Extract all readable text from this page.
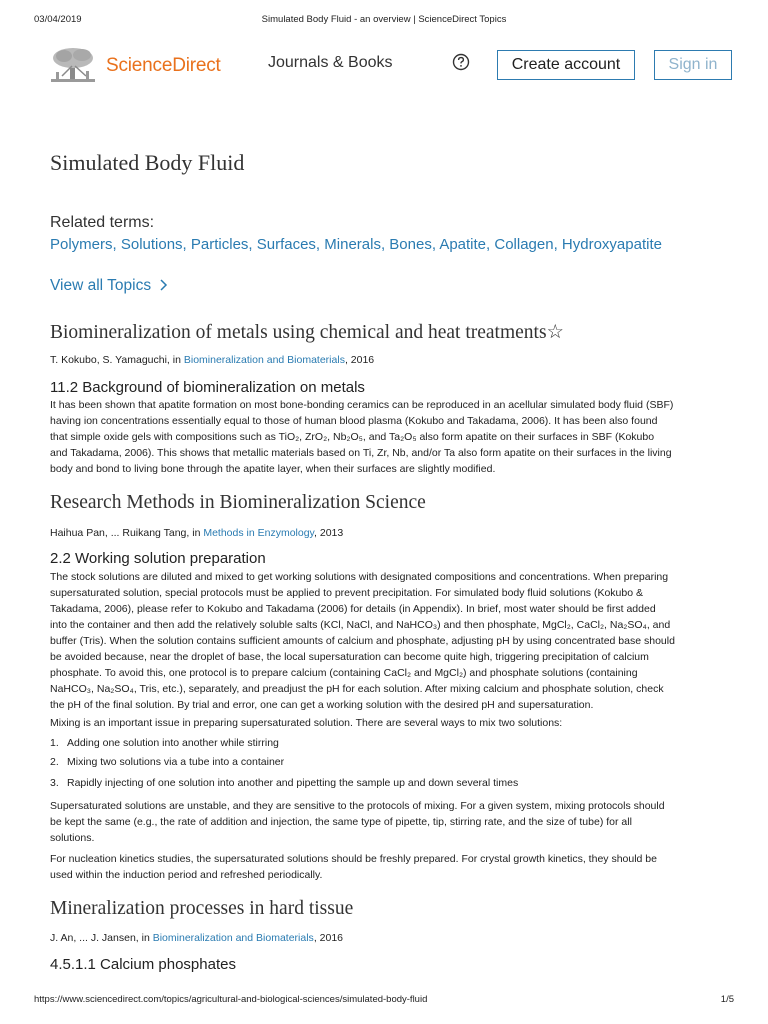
03/04/2019	Simulated Body Fluid - an overview | ScienceDirect Topics
ScienceDirect	Journals & Books	Create account	Sign in
Simulated Body Fluid
Related terms:
Polymers, Solutions, Particles, Surfaces, Minerals, Bones, Apatite, Collagen, Hydroxyapatite
View all Topics
Biomineralization of metals using chemical and heat treatments☆
T. Kokubo, S. Yamaguchi, in Biomineralization and Biomaterials, 2016
11.2 Background of biomineralization on metals
It has been shown that apatite formation on most bone-bonding ceramics can be reproduced in an acellular simulated body fluid (SBF)
having ion concentrations essentially equal to those of human blood plasma (Kokubo and Takadama, 2006). It has been also found
that simple oxide gels with compositions such as TiO₂, ZrO₂, Nb₂O₅, and Ta₂O₅ also form apatite on their surfaces in SBF (Kokubo
and Takadama, 2006). This shows that metallic materials based on Ti, Zr, Nb, and/or Ta also form apatite on their surfaces in the living
body and bond to living bone through the apatite layer, when their surfaces are slightly modified.
Research Methods in Biomineralization Science
Haihua Pan, ... Ruikang Tang, in Methods in Enzymology, 2013
2.2 Working solution preparation
The stock solutions are diluted and mixed to get working solutions with designated compositions and concentrations. When preparing
supersaturated solution, special protocols must be applied to prevent precipitation. For simulated body fluid solutions (Kokubo &
Takadama, 2006), please refer to Kokubo and Takadama (2006) for details (in Appendix). In brief, most water should be first added
into the container and then add the relatively soluble salts (KCl, NaCl, and NaHCO₃) and then phosphate, MgCl₂, CaCl₂, Na₂SO₄, and
buffer (Tris). When the solution contains sufficient amounts of calcium and phosphate, adjusting pH by using concentrated base should
be avoided because, near the droplet of base, the local supersaturation can become quite high, triggering precipitation of calcium
phosphate. To avoid this, one protocol is to prepare calcium (containing CaCl₂ and MgCl₂) and phosphate solutions (containing
NaHCO₃, Na₂SO₄, Tris, etc.), separately, and preadjust the pH for each solution. After mixing calcium and phosphate solution, check
the pH of the final solution. By trial and error, one can get a working solution with the desired pH and supersaturation.
Mixing is an important issue in preparing supersaturated solution. There are several ways to mix two solutions:
1. Adding one solution into another while stirring
2. Mixing two solutions via a tube into a container
3. Rapidly injecting of one solution into another and pipetting the sample up and down several times
Supersaturated solutions are unstable, and they are sensitive to the protocols of mixing. For a given system, mixing protocols should
be kept the same (e.g., the rate of addition and injection, the same type of pipette, tip, stirring rate, and the size of tube) for all
solutions.
For nucleation kinetics studies, the supersaturated solutions should be freshly prepared. For crystal growth kinetics, they should be
used within the induction period and refreshed periodically.
Mineralization processes in hard tissue
J. An, ... J. Jansen, in Biomineralization and Biomaterials, 2016
4.5.1.1 Calcium phosphates
https://www.sciencedirect.com/topics/agricultural-and-biological-sciences/simulated-body-fluid	1/5
